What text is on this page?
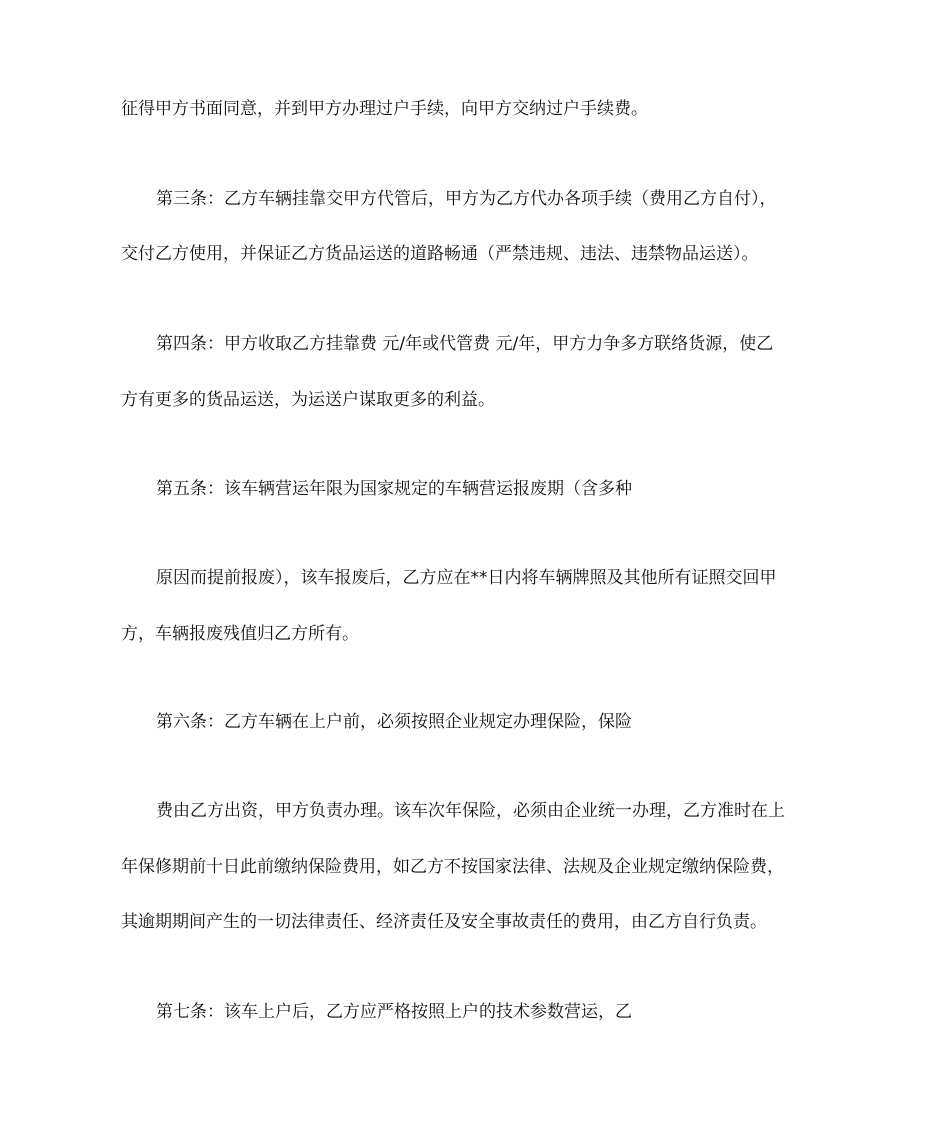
征得甲方书面同意，并到甲方办理过户手续，向甲方交纳过户手续费。
第三条：乙方车辆挂靠交甲方代管后，甲方为乙方代办各项手续（费用乙方自付），
交付乙方使用，并保证乙方货品运送的道路畅通（严禁违规、违法、违禁物品运送）。
第四条：甲方收取乙方挂靠费 元/年或代管费 元/年，甲方力争多方联络货源，使乙
方有更多的货品运送，为运送户谋取更多的利益。
第五条：该车辆营运年限为国家规定的车辆营运报废期（含多种
原因而提前报废），该车报废后，乙方应在**日内将车辆牌照及其他所有证照交回甲
方，车辆报废残值归乙方所有。
第六条：乙方车辆在上户前，必须按照企业规定办理保险，保险
费由乙方出资，甲方负责办理。该车次年保险，必须由企业统一办理，乙方准时在上
年保修期前十日此前缴纳保险费用，如乙方不按国家法律、法规及企业规定缴纳保险费，
其逾期期间产生的一切法律责任、经济责任及安全事故责任的费用，由乙方自行负责。
第七条：该车上户后，乙方应严格按照上户的技术参数营运，乙
